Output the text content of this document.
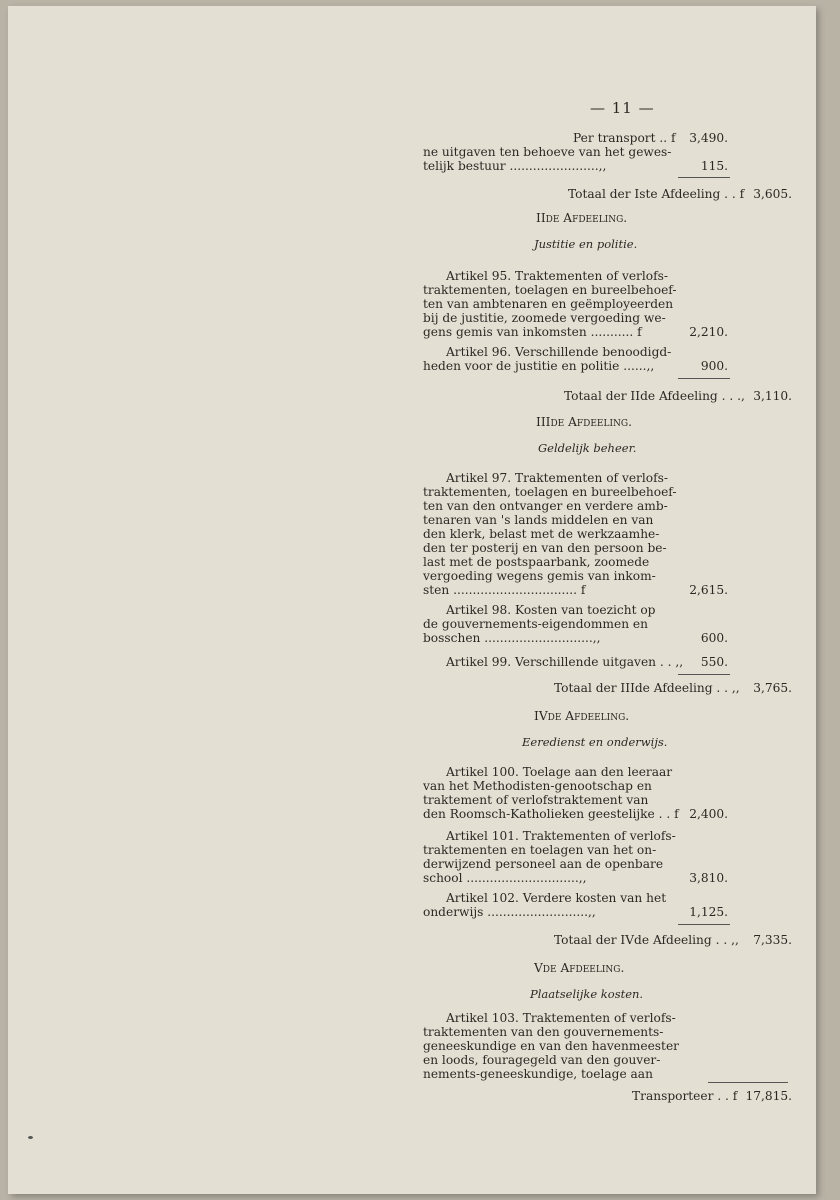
— 11 —
Per transport .. f	3,490.
ne uitgaven ten behoeve van het gewes-
telijk bestuur .......................,,	115.
Totaal der Iste Afdeeling . . f 3,605.
IIde Afdeeling.
Justitie en politie.
Artikel 95. Traktementen of verlofs-
traktementen, toelagen en bureelbehoef-
ten van ambtenaren en geëmployeerden
bij de justitie, zoomede vergoeding we-
gens gemis van inkomsten ........... f	2,210.
Artikel 96. Verschillende benoodigd-
heden voor de justitie en politie ......,,	900.
Totaal der IIde Afdeeling . . ., 3,110.
IIIde Afdeeling.
Geldelijk beheer.
Artikel 97. Traktementen of verlofs-
traktementen, toelagen en bureelbehoef-
ten van den ontvanger en verdere amb-
tenaren van 's lands middelen en van
den klerk, belast met de werkzaamhe-
den ter posterij en van den persoon be-
last met de postspaarbank, zoomede
vergoeding wegens gemis van inkom-
sten ................................ f	2,615.
Artikel 98. Kosten van toezicht op
de gouvernements-eigendommen en
bosschen ............................,,	600.
Artikel 99. Verschillende uitgaven . . ,,	550.
Totaal der IIIde Afdeeling . . ,,	3,765.
IVde Afdeeling.
Eeredienst en onderwijs.
Artikel 100. Toelage aan den leeraar
van het Methodisten-genootschap en
traktement of verlofstraktement van
den Roomsch-Katholieken geestelijke . . f 2,400.
Artikel 101. Traktementen of verlofs-
traktementen en toelagen van het on-
derwijzend personeel aan de openbare
school .............................,,	3,810.
Artikel 102. Verdere kosten van het
onderwijs ..........................,,	1,125.
Totaal der IVde Afdeeling . . ,,	7,335.
Vde Afdeeling.
Plaatselijke kosten.
Artikel 103. Traktementen of verlofs-
traktementen van den gouvernements-
geneeskundige en van den havenmeester
en loods, fouragegeld van den gouver-
nements-geneeskundige, toelage aan
Transporteer . . f 17,815.
